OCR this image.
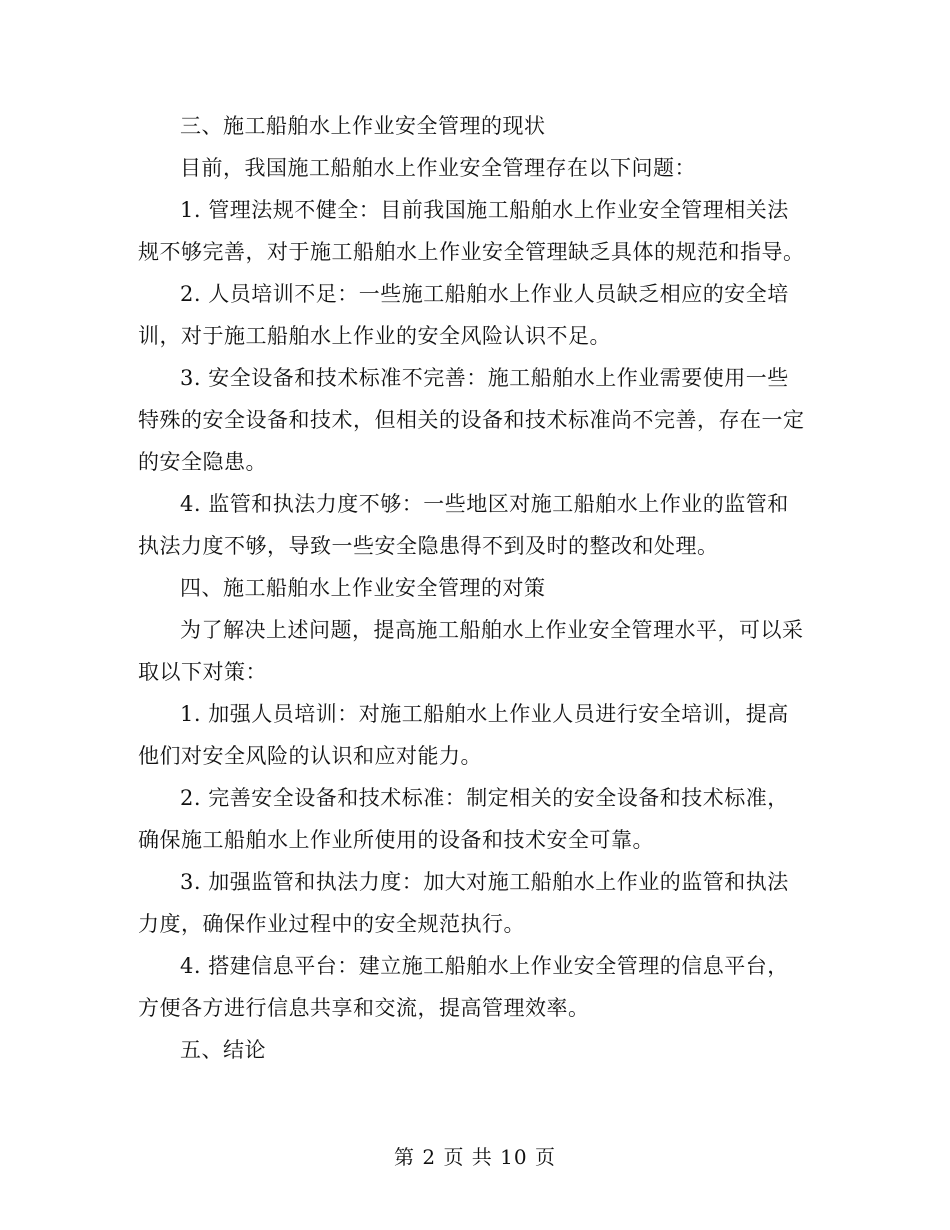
三、施工船舶水上作业安全管理的现状

目前，我国施工船舶水上作业安全管理存在以下问题：

1. 管理法规不健全：目前我国施工船舶水上作业安全管理相关法规不够完善，对于施工船舶水上作业安全管理缺乏具体的规范和指导。

2. 人员培训不足：一些施工船舶水上作业人员缺乏相应的安全培训，对于施工船舶水上作业的安全风险认识不足。

3. 安全设备和技术标准不完善：施工船舶水上作业需要使用一些特殊的安全设备和技术，但相关的设备和技术标准尚不完善，存在一定的安全隐患。

4. 监管和执法力度不够：一些地区对施工船舶水上作业的监管和执法力度不够，导致一些安全隐患得不到及时的整改和处理。

四、施工船舶水上作业安全管理的对策

为了解决上述问题，提高施工船舶水上作业安全管理水平，可以采取以下对策：

1. 加强人员培训：对施工船舶水上作业人员进行安全培训，提高他们对安全风险的认识和应对能力。

2. 完善安全设备和技术标准：制定相关的安全设备和技术标准，确保施工船舶水上作业所使用的设备和技术安全可靠。

3. 加强监管和执法力度：加大对施工船舶水上作业的监管和执法力度，确保作业过程中的安全规范执行。

4. 搭建信息平台：建立施工船舶水上作业安全管理的信息平台，方便各方进行信息共享和交流，提高管理效率。

五、结论

第 2 页 共 10 页
